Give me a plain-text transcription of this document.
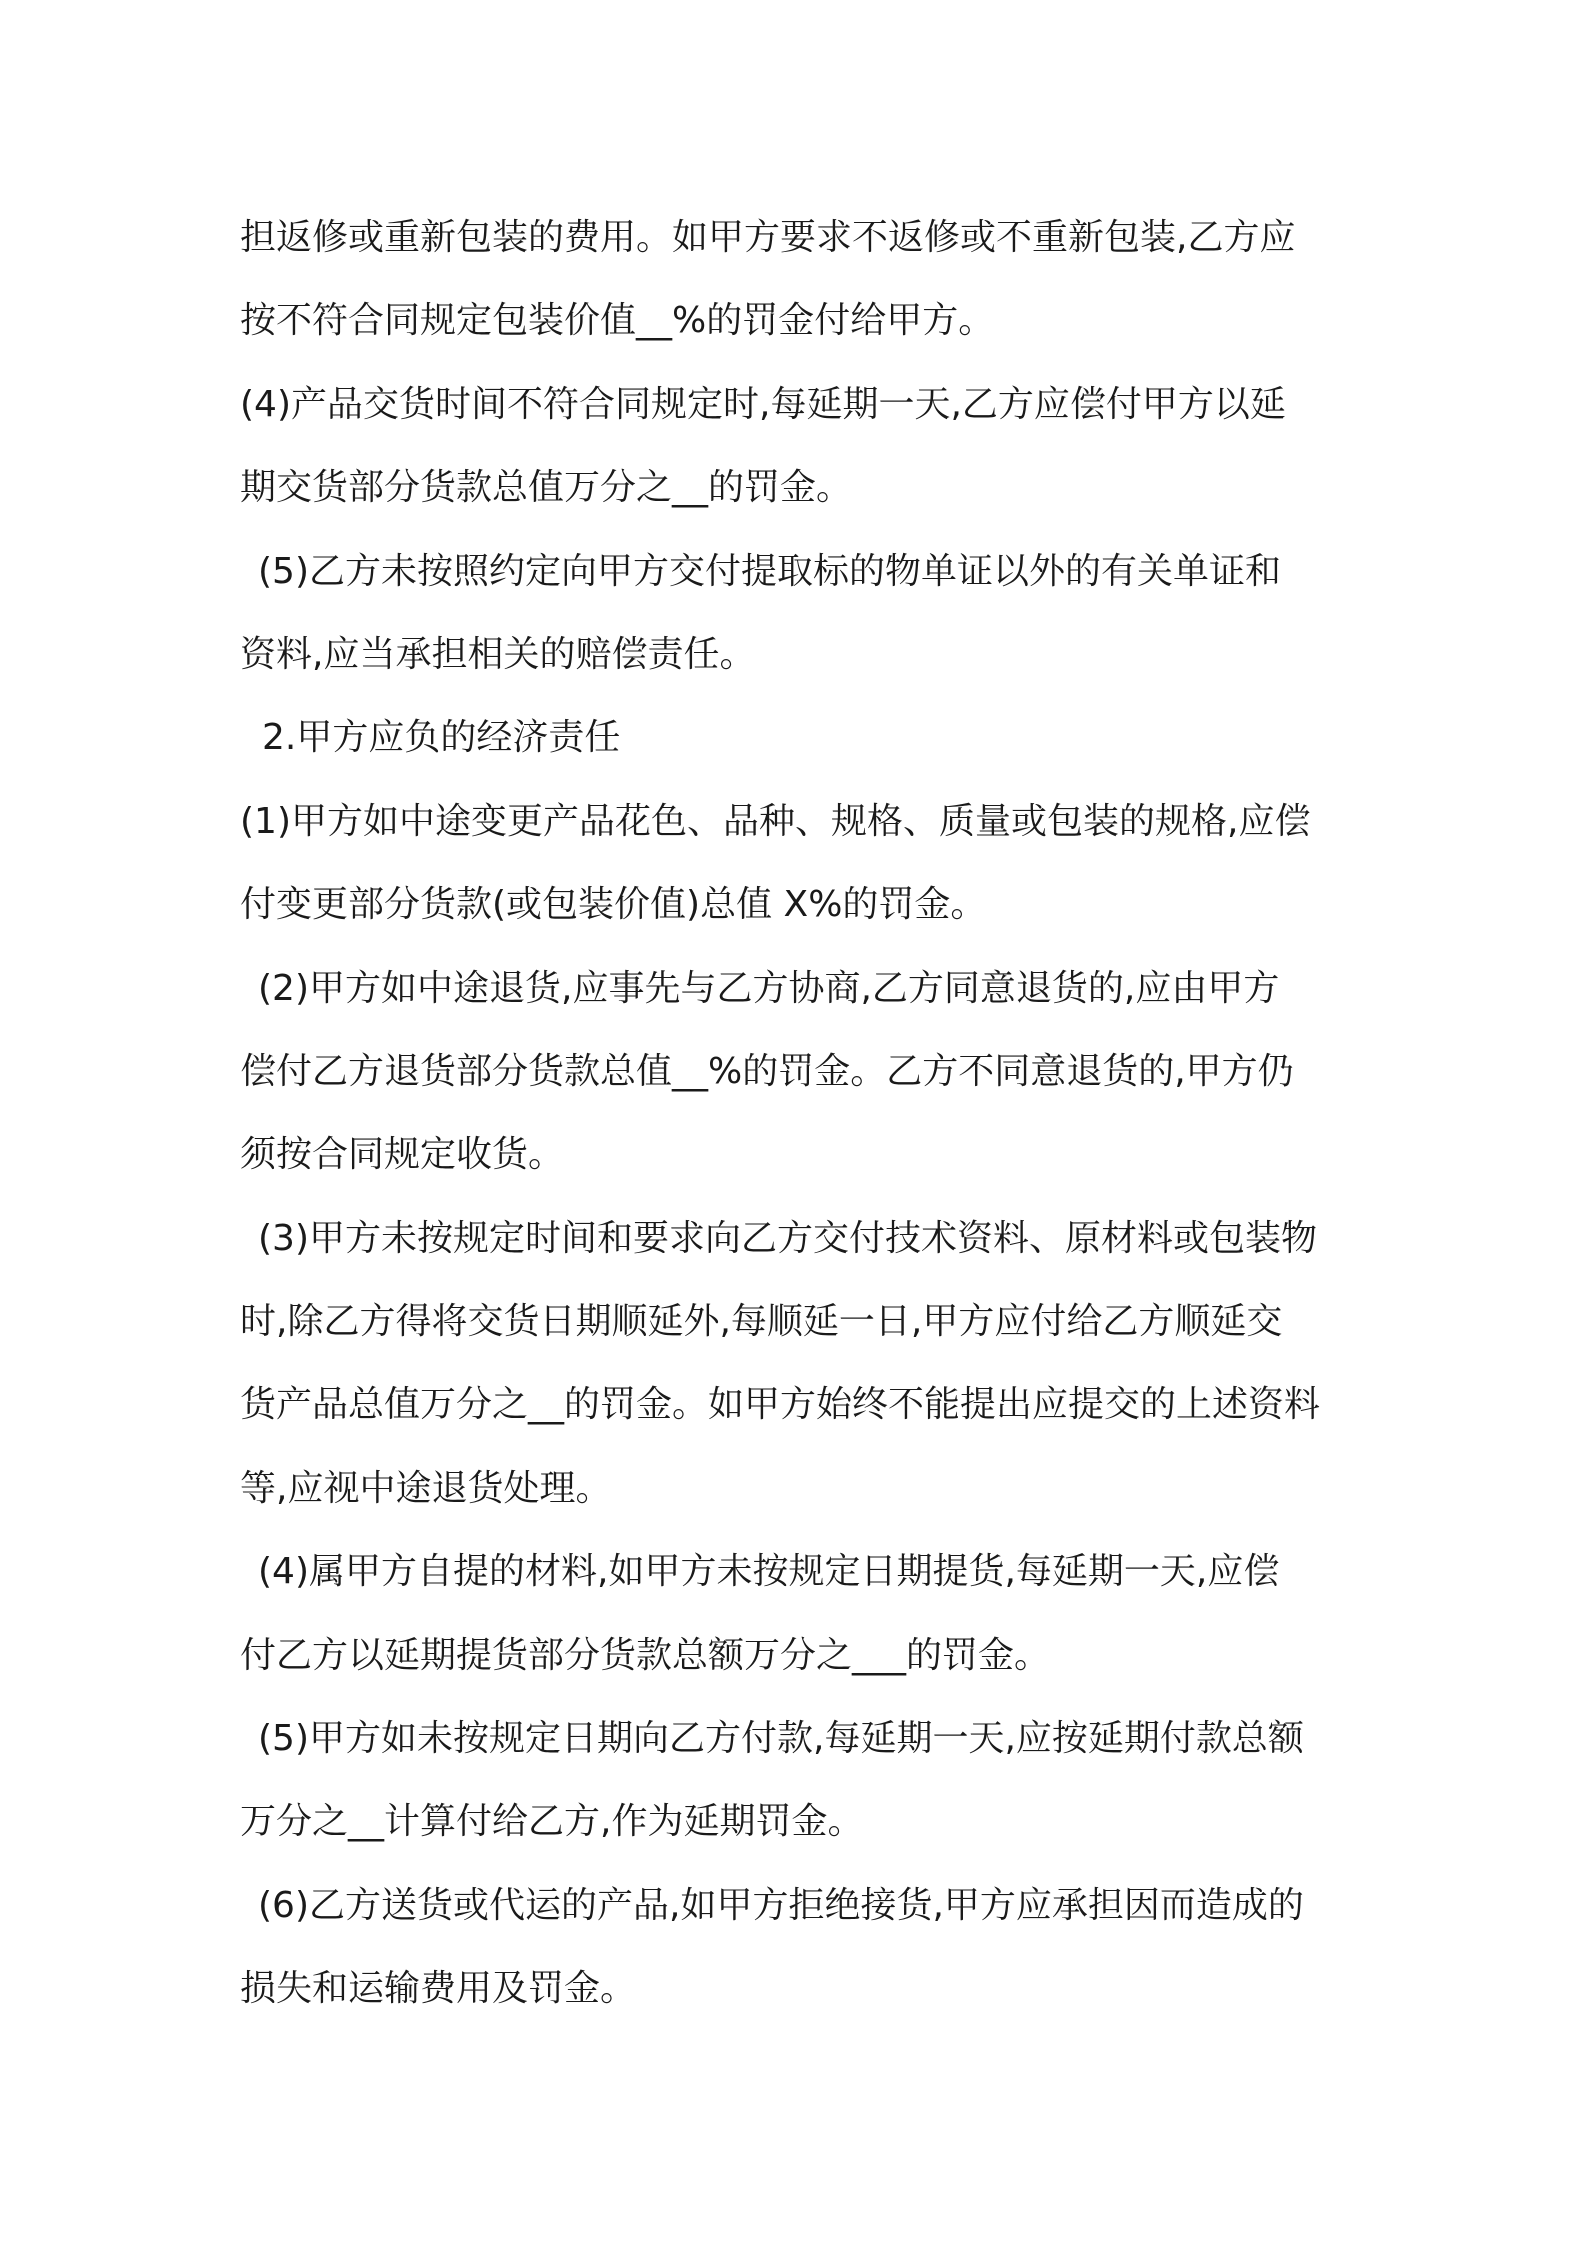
担返修或重新包装的费用。如甲方要求不返修或不重新包装,乙方应
按不符合同规定包装价值__%的罚金付给甲方。
(4)产品交货时间不符合同规定时,每延期一天,乙方应偿付甲方以延
期交货部分货款总值万分之__的罚金。
(5)乙方未按照约定向甲方交付提取标的物单证以外的有关单证和
资料,应当承担相关的赔偿责任。
2.甲方应负的经济责任
(1)甲方如中途变更产品花色、品种、规格、质量或包装的规格,应偿
付变更部分货款(或包装价值)总值 X%的罚金。
(2)甲方如中途退货,应事先与乙方协商,乙方同意退货的,应由甲方
偿付乙方退货部分货款总值__%的罚金。乙方不同意退货的,甲方仍
须按合同规定收货。
(3)甲方未按规定时间和要求向乙方交付技术资料、原材料或包装物
时,除乙方得将交货日期顺延外,每顺延一日,甲方应付给乙方顺延交
货产品总值万分之__的罚金。如甲方始终不能提出应提交的上述资料
等,应视中途退货处理。
(4)属甲方自提的材料,如甲方未按规定日期提货,每延期一天,应偿
付乙方以延期提货部分货款总额万分之___的罚金。
(5)甲方如未按规定日期向乙方付款,每延期一天,应按延期付款总额
万分之__计算付给乙方,作为延期罚金。
(6)乙方送货或代运的产品,如甲方拒绝接货,甲方应承担因而造成的
损失和运输费用及罚金。
